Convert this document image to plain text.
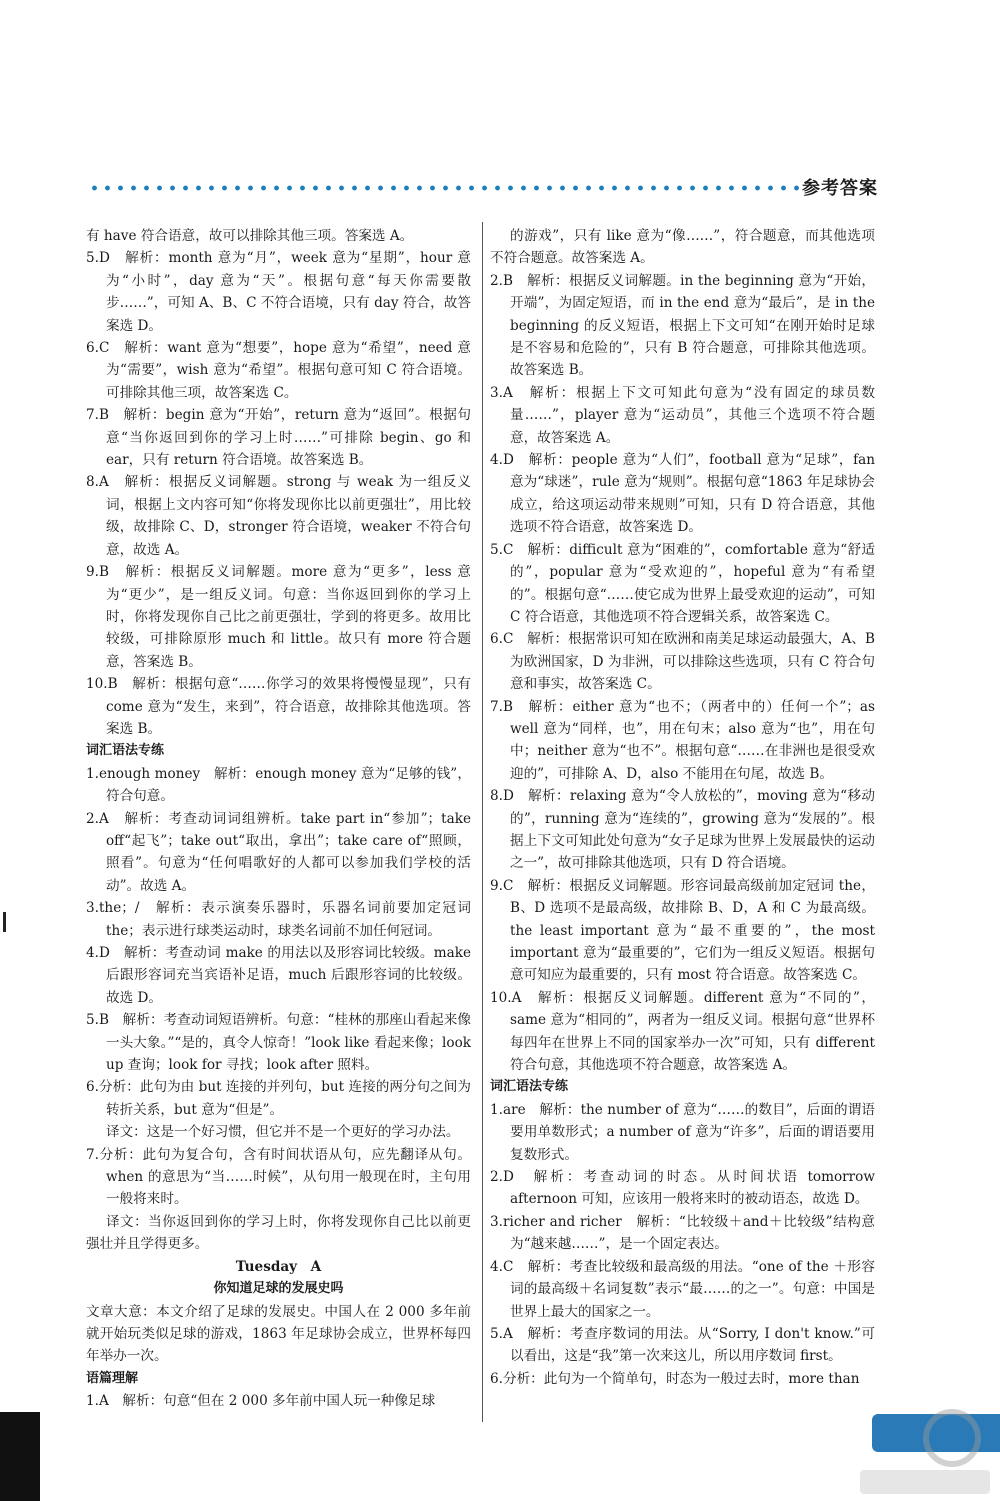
参考答案

有 have 符合语意，故可以排除其他三项。答案选 A。

5.D　解析：month 意为“月”，week 意为“星期”，hour 意为“小时”，day 意为“天”。根据句意“每天你需要散步……”，可知 A、B、C 不符合语境，只有 day 符合，故答案选 D。

6.C　解析：want 意为“想要”，hope 意为“希望”，need 意为“需要”，wish 意为“希望”。根据句意可知 C 符合语境。可排除其他三项，故答案选 C。

7.B　解析：begin 意为“开始”，return 意为“返回”。根据句意“当你返回到你的学习上时……”可排除 begin、go 和 ear，只有 return 符合语境。故答案选 B。

8.A　解析：根据反义词解题。strong 与 weak 为一组反义词，根据上文内容可知“你将发现你比以前更强壮”，用比较级，故排除 C、D，stronger 符合语境，weaker 不符合句意，故选 A。

9.B　解析：根据反义词解题。more 意为“更多”，less 意为“更少”，是一组反义词。句意：当你返回到你的学习上时，你将发现你自己比之前更强壮，学到的将更多。故用比较级，可排除原形 much 和 little。故只有 more 符合题意，答案选 B。

10.B　解析：根据句意“……你学习的效果将慢慢显现”，只有 come 意为“发生，来到”，符合语意，故排除其他选项。答案选 B。

词汇语法专练

1.enough money　解析：enough money 意为“足够的钱”，符合句意。

2.A　解析：考查动词词组辨析。take part in“参加”；take off“起飞”；take out“取出，拿出”；take care of“照顾，照看”。句意为“任何唱歌好的人都可以参加我们学校的活动”。故选 A。

3.the；/　解析：表示演奏乐器时，乐器名词前要加定冠词 the；表示进行球类运动时，球类名词前不加任何冠词。

4.D　解析：考查动词 make 的用法以及形容词比较级。make 后跟形容词充当宾语补足语，much 后跟形容词的比较级。故选 D。

5.B　解析：考查动词短语辨析。句意：“桂林的那座山看起来像一头大象。”“是的，真令人惊奇！”look like 看起来像；look up 查询；look for 寻找；look after 照料。

6.分析：此句为由 but 连接的并列句，but 连接的两分句之间为转折关系，but 意为“但是”。

译文：这是一个好习惯，但它并不是一个更好的学习办法。

7.分析：此句为复合句，含有时间状语从句，应先翻译从句。when 的意思为“当……时候”，从句用一般现在时，主句用一般将来时。

译文：当你返回到你的学习上时，你将发现你自己比以前更强壮并且学得更多。

Tuesday　A

你知道足球的发展史吗

文章大意：本文介绍了足球的发展史。中国人在 2 000 多年前就开始玩类似足球的游戏，1863 年足球协会成立，世界杯每四年举办一次。

语篇理解

1.A　解析：句意“但在 2 000 多年前中国人玩一种像足球

的游戏”，只有 like 意为“像……”，符合题意，而其他选项不符合题意。故答案选 A。

2.B　解析：根据反义词解题。in the beginning 意为“开始，开端”，为固定短语，而 in the end 意为“最后”，是 in the beginning 的反义短语，根据上下文可知“在刚开始时足球是不容易和危险的”，只有 B 符合题意，可排除其他选项。故答案选 B。

3.A　解析：根据上下文可知此句意为“没有固定的球员数量……”，player 意为“运动员”，其他三个选项不符合题意，故答案选 A。

4.D　解析：people 意为“人们”，football 意为“足球”，fan 意为“球迷”，rule 意为“规则”。根据句意“1863 年足球协会成立，给这项运动带来规则”可知，只有 D 符合语意，其他选项不符合语意，故答案选 D。

5.C　解析：difficult 意为“困难的”，comfortable 意为“舒适的”，popular 意为“受欢迎的”，hopeful 意为“有希望的”。根据句意“……使它成为世界上最受欢迎的运动”，可知 C 符合语意，其他选项不符合逻辑关系，故答案选 C。

6.C　解析：根据常识可知在欧洲和南美足球运动最强大，A、B 为欧洲国家，D 为非洲，可以排除这些选项，只有 C 符合句意和事实，故答案选 C。

7.B　解析：either 意为“也不；（两者中的）任何一个”；as well 意为“同样，也”，用在句末；also 意为“也”，用在句中；neither 意为“也不”。根据句意“……在非洲也是很受欢迎的”，可排除 A、D，also 不能用在句尾，故选 B。

8.D　解析：relaxing 意为“令人放松的”，moving 意为“移动的”，running 意为“连续的”，growing 意为“发展的”。根据上下文可知此处句意为“女子足球为世界上发展最快的运动之一”，故可排除其他选项，只有 D 符合语境。

9.C　解析：根据反义词解题。形容词最高级前加定冠词 the，B、D 选项不是最高级，故排除 B、D，A 和 C 为最高级。the least important 意为“最不重要的”，the most important 意为“最重要的”，它们为一组反义短语。根据句意可知应为最重要的，只有 most 符合语意。故答案选 C。

10.A　解析：根据反义词解题。different 意为“不同的”，same 意为“相同的”，两者为一组反义词。根据句意“世界杯每四年在世界上不同的国家举办一次”可知，只有 different 符合句意，其他选项不符合题意，故答案选 A。

词汇语法专练

1.are　解析：the number of 意为“……的数目”，后面的谓语要用单数形式；a number of 意为“许多”，后面的谓语要用复数形式。

2.D　解析：考查动词的时态。从时间状语 tomorrow afternoon 可知，应该用一般将来时的被动语态，故选 D。

3.richer and richer　解析：“比较级＋and＋比较级”结构意为“越来越……”，是一个固定表达。

4.C　解析：考查比较级和最高级的用法。“one of the ＋形容词的最高级＋名词复数”表示“最……的之一”。句意：中国是世界上最大的国家之一。

5.A　解析：考查序数词的用法。从“Sorry, I don't know.”可以看出，这是“我”第一次来这儿，所以用序数词 first。

6.分析：此句为一个简单句，时态为一般过去时，more than
